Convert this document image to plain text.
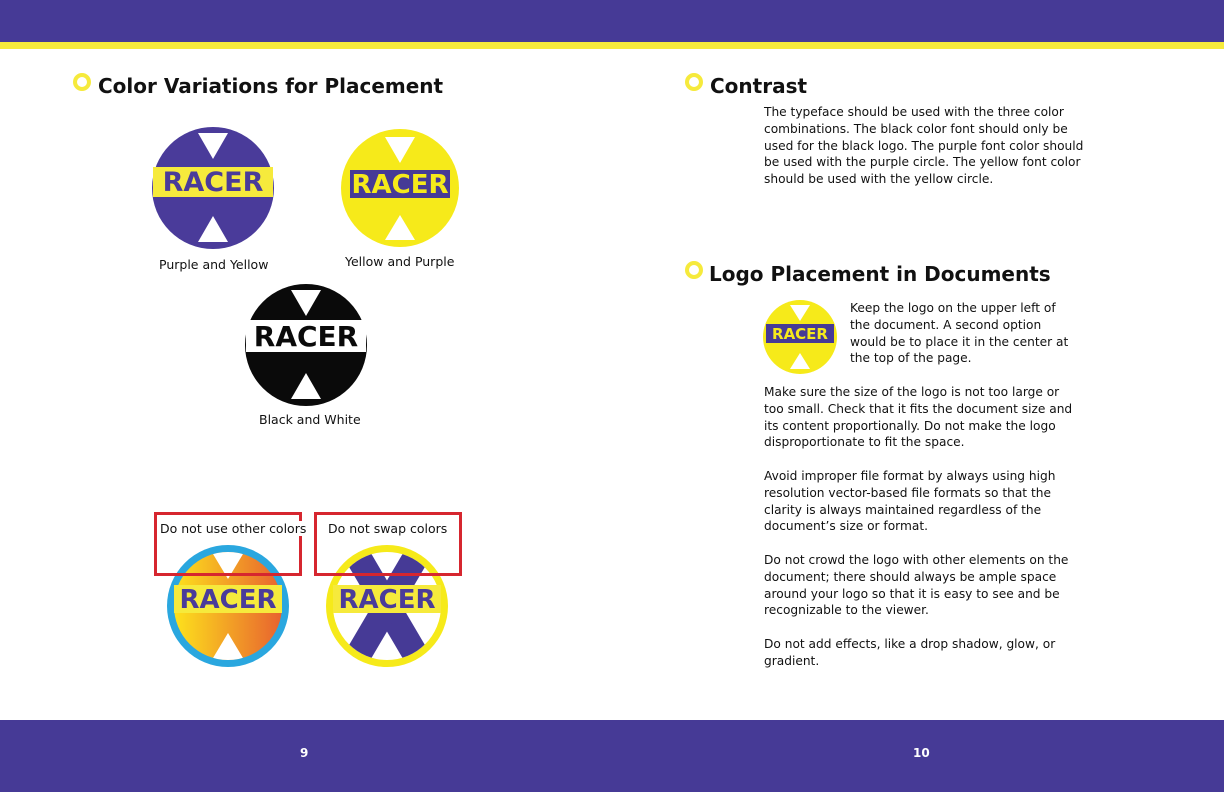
Color Variations for Placement
RACER
Purple and Yellow
RACER
Yellow and Purple
RACER
Black and White
RACER RACER
Do not use other colors Do not swap colors
Contrast
The typeface should be used with the three color combinations. The black color font should only be used for the black logo. The purple font color should be used with the purple circle. The yellow font color should be used with the yellow circle.
Logo Placement in Documents
RACER
Keep the logo on the upper left of the document. A second option would be to place it in the center at the top of the page.
Make sure the size of the logo is not too large or too small. Check that it fits the document size and its content proportionally. Do not make the logo disproportionate to fit the space.
Avoid improper file format by always using high resolution vector-based file formats so that the clarity is always maintained regardless of the document’s size or format.
Do not crowd the logo with other elements on the document; there should always be ample space around your logo so that it is easy to see and be recognizable to the viewer.
Do not add effects, like a drop shadow, glow, or gradient.
9	10
